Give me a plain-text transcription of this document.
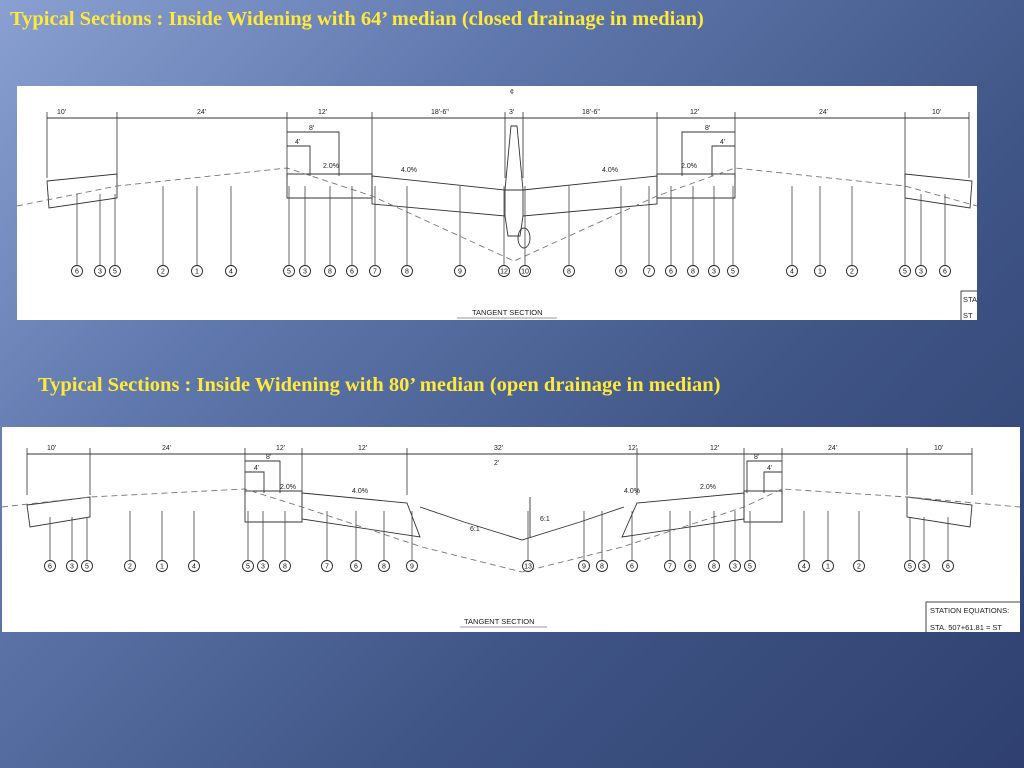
Typical Sections : Inside Widening with 64’ median (closed drainage in median)
6	3 5	2	1	4	5 3	8	6	7	8	9	12 10	8	6	7	6	8 3 5	4	1	2	5 3	6
10'	24'	12'	18'-6"	3'	18'-6"	12'	24'	10'
¢
8'
4'
8'
4'
2.0%
4.0%	4.0%
2.0%
STA
ST
TANGENT SECTION
Typical Sections : Inside Widening with 80’ median (open drainage in median)
6	3 5	2	1	4	5 3	8	7	6	8	9	13	9 8	6	7 6	8 3 5	4	1	2	5 3	6
10'	24'	12'	12'	32'	12'	12'	24'	10'
8'
4'
8'
4'
2'
2.0%
4.0%	4.0%
2.0%
6:1
6:1
STATION EQUATIONS:
STA. 507+61.81 = ST
TANGENT SECTION
